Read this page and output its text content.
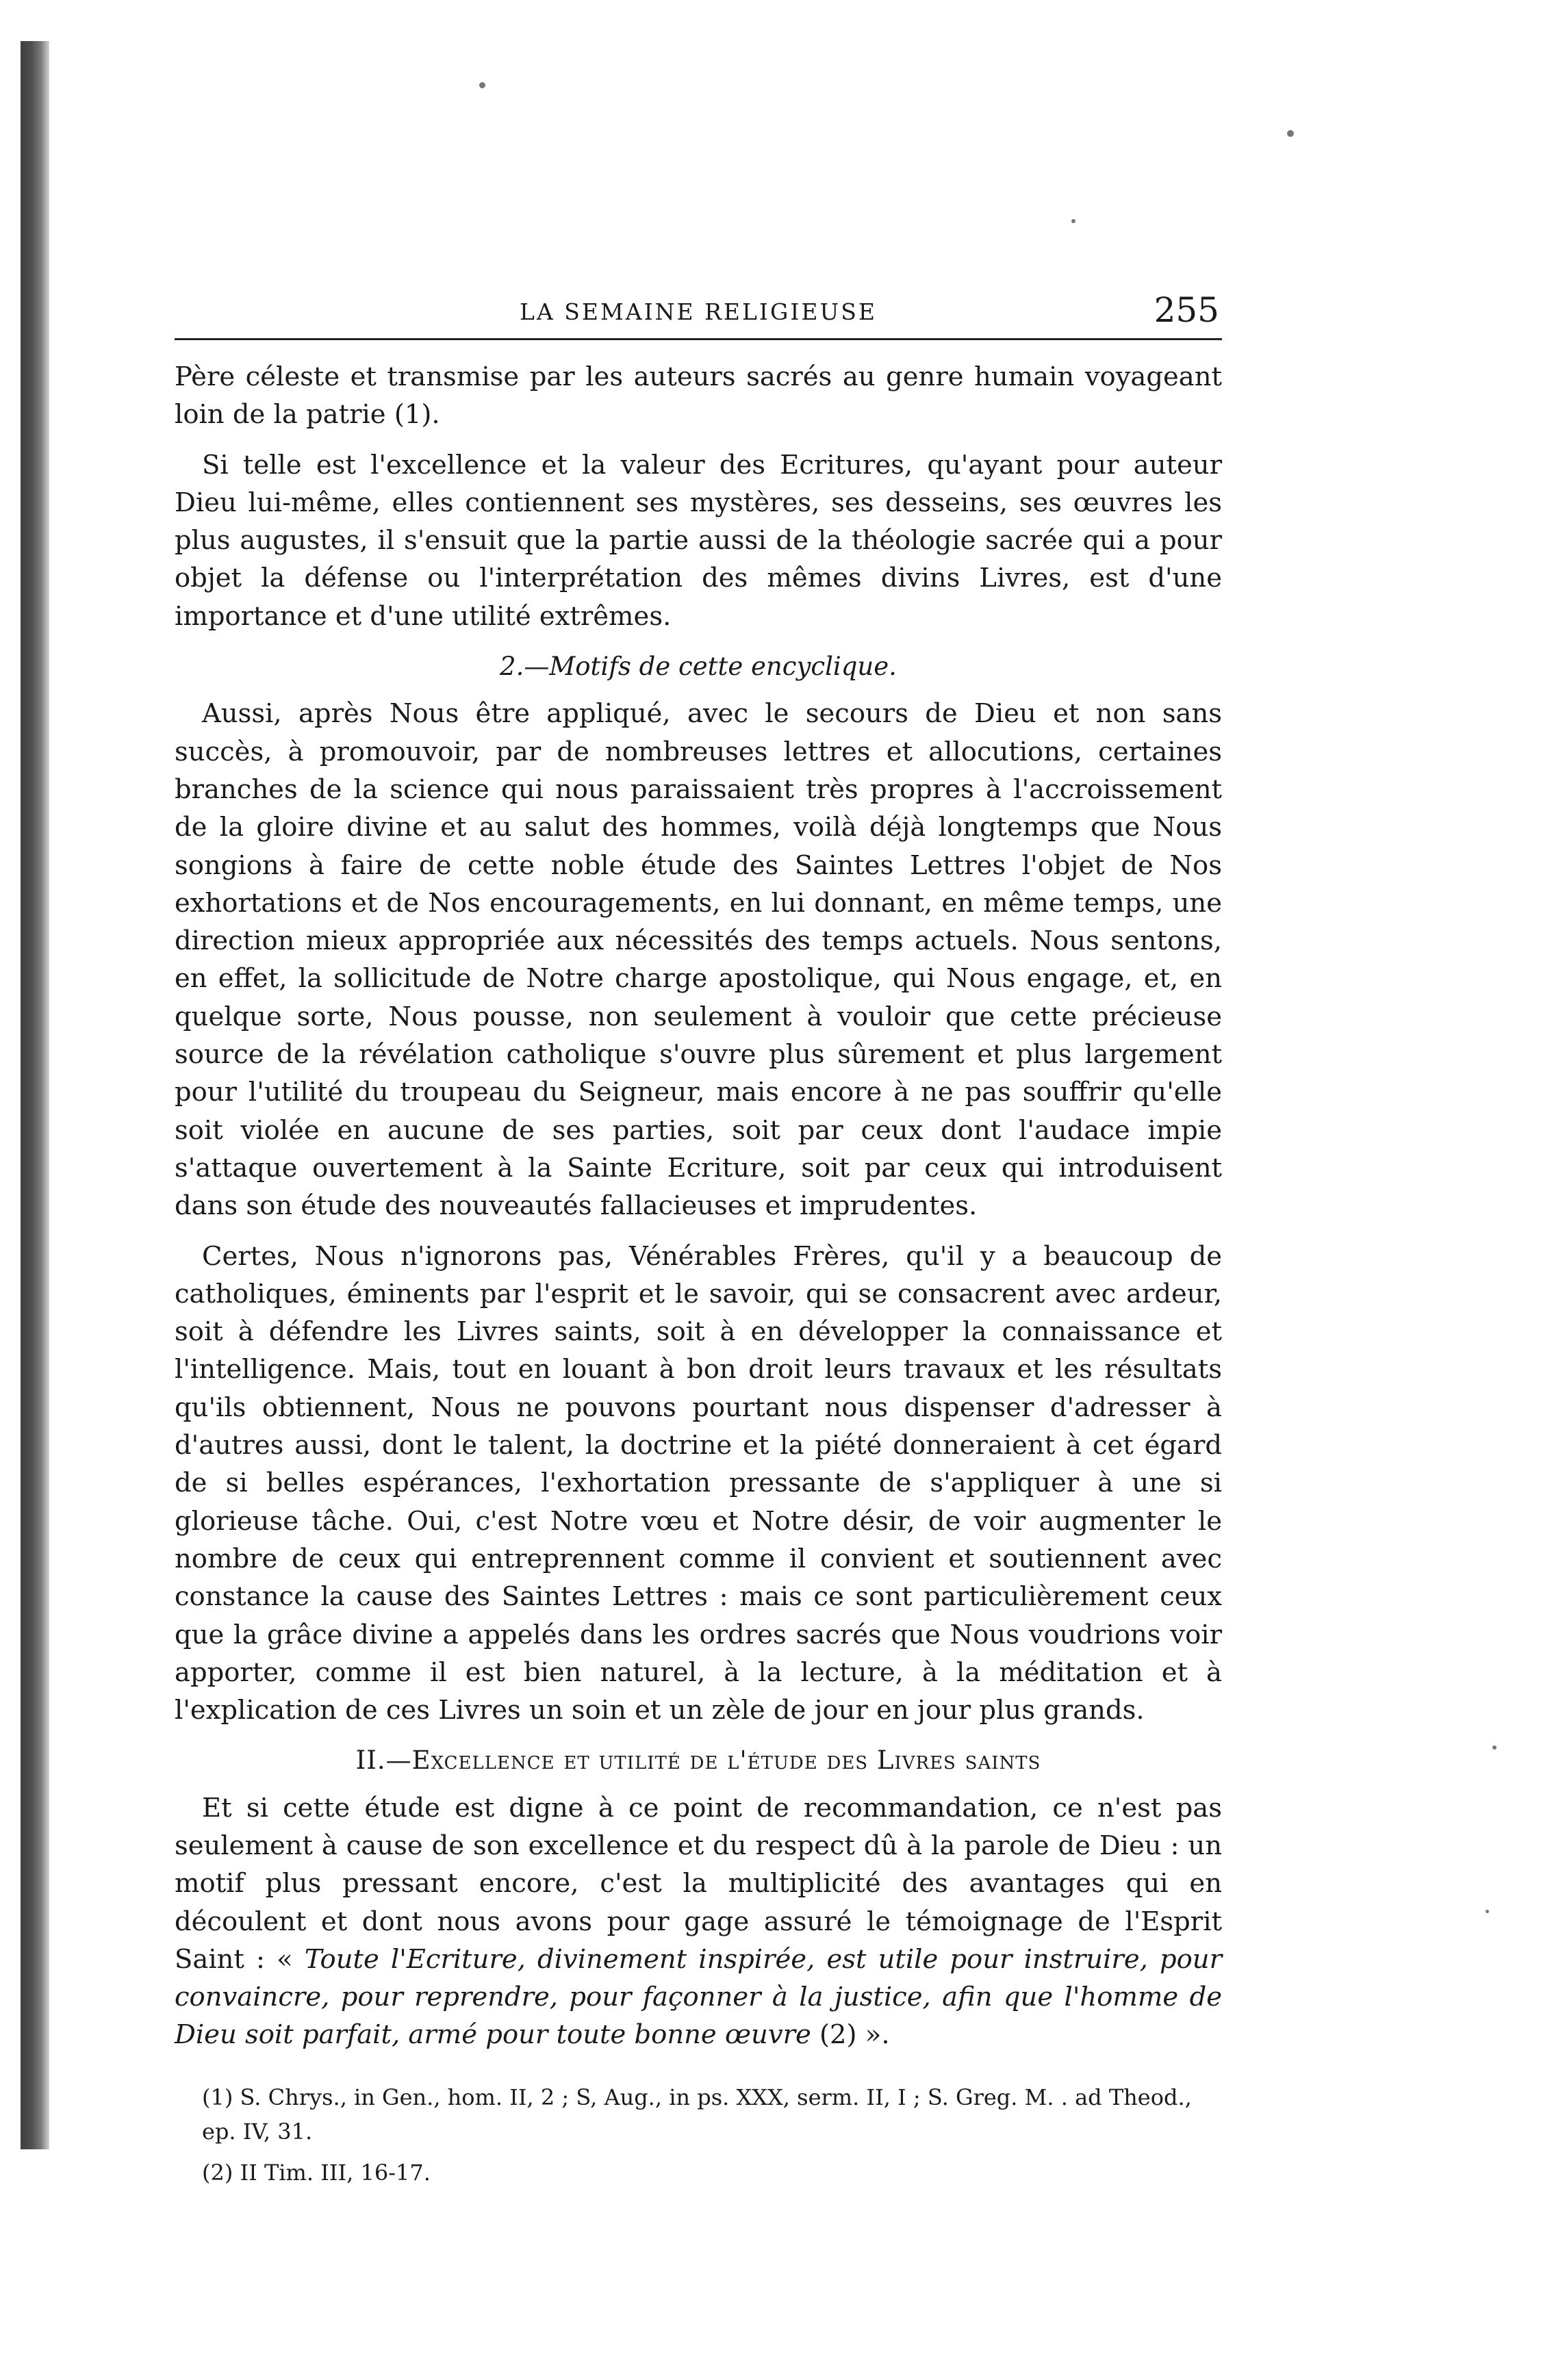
LA SEMAINE RELIGIEUSE	255

Père céleste et transmise par les auteurs sacrés au genre humain voyageant loin de la patrie (1).

Si telle est l'excellence et la valeur des Ecritures, qu'ayant pour auteur Dieu lui-même, elles contiennent ses mystères, ses desseins, ses œuvres les plus augustes, il s'ensuit que la partie aussi de la théologie sacrée qui a pour objet la défense ou l'interprétation des mêmes divins Livres, est d'une importance et d'une utilité extrêmes.

2.—Motifs de cette encyclique.

Aussi, après Nous être appliqué, avec le secours de Dieu et non sans succès, à promouvoir, par de nombreuses lettres et allocutions, certaines branches de la science qui nous paraissaient très propres à l'accroissement de la gloire divine et au salut des hommes, voilà déjà longtemps que Nous songions à faire de cette noble étude des Saintes Lettres l'objet de Nos exhortations et de Nos encouragements, en lui donnant, en même temps, une direction mieux appropriée aux nécessités des temps actuels. Nous sentons, en effet, la sollicitude de Notre charge apostolique, qui Nous engage, et, en quelque sorte, Nous pousse, non seulement à vouloir que cette précieuse source de la révélation catholique s'ouvre plus sûrement et plus largement pour l'utilité du troupeau du Seigneur, mais encore à ne pas souffrir qu'elle soit violée en aucune de ses parties, soit par ceux dont l'audace impie s'attaque ouvertement à la Sainte Ecriture, soit par ceux qui introduisent dans son étude des nouveautés fallacieuses et imprudentes.

Certes, Nous n'ignorons pas, Vénérables Frères, qu'il y a beaucoup de catholiques, éminents par l'esprit et le savoir, qui se consacrent avec ardeur, soit à défendre les Livres saints, soit à en développer la connaissance et l'intelligence. Mais, tout en louant à bon droit leurs travaux et les résultats qu'ils obtiennent, Nous ne pouvons pourtant nous dispenser d'adresser à d'autres aussi, dont le talent, la doctrine et la piété donneraient à cet égard de si belles espérances, l'exhortation pressante de s'appliquer à une si glorieuse tâche. Oui, c'est Notre vœu et Notre désir, de voir augmenter le nombre de ceux qui entreprennent comme il convient et soutiennent avec constance la cause des Saintes Lettres : mais ce sont particulièrement ceux que la grâce divine a appelés dans les ordres sacrés que Nous voudrions voir apporter, comme il est bien naturel, à la lecture, à la méditation et à l'explication de ces Livres un soin et un zèle de jour en jour plus grands.

II.—Excellence et utilité de l'étude des Livres saints

Et si cette étude est digne à ce point de recommandation, ce n'est pas seulement à cause de son excellence et du respect dû à la parole de Dieu : un motif plus pressant encore, c'est la multiplicité des avantages qui en découlent et dont nous avons pour gage assuré le témoignage de l'Esprit Saint : « Toute l'Ecriture, divinement inspirée, est utile pour instruire, pour convaincre, pour reprendre, pour façonner à la justice, afin que l'homme de Dieu soit parfait, armé pour toute bonne œuvre (2) ».

(1) S. Chrys., in Gen., hom. II, 2 ; S, Aug., in ps. XXX, serm. II, I ; S. Greg. M. . ad Theod., ep. IV, 31.

(2) II Tim. III, 16-17.
